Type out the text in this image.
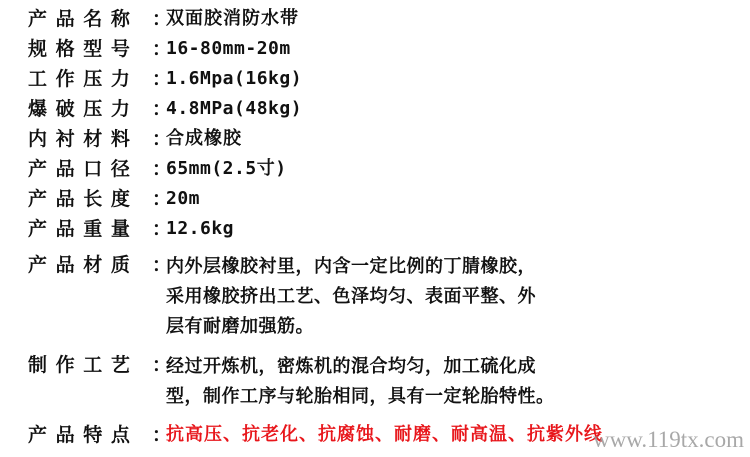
产 品 名 称	：
双面胶消防水带
规 格 型 号	：
16-80mm-20m
工 作 压 力	：
1.6Mpa(16kg)
爆 破 压 力	：
4.8MPa(48kg)
内 衬 材 料	：
合成橡胶
产 品 口 径	：
65mm(2.5寸)
产 品 长 度	：
20m
产 品 重 量	：
12.6kg
产 品 材 质	：
内外层橡胶衬里，内含一定比例的丁腈橡胶，
采用橡胶挤出工艺、色泽均匀、表面平整、外
层有耐磨加强筋。
制 作 工 艺	：
经过开炼机，密炼机的混合均匀，加工硫化成
型，制作工序与轮胎相同，具有一定轮胎特性。
产 品 特 点	：
抗高压、抗老化、抗腐蚀、耐磨、耐高温、抗紫外线
www.119tx.com
